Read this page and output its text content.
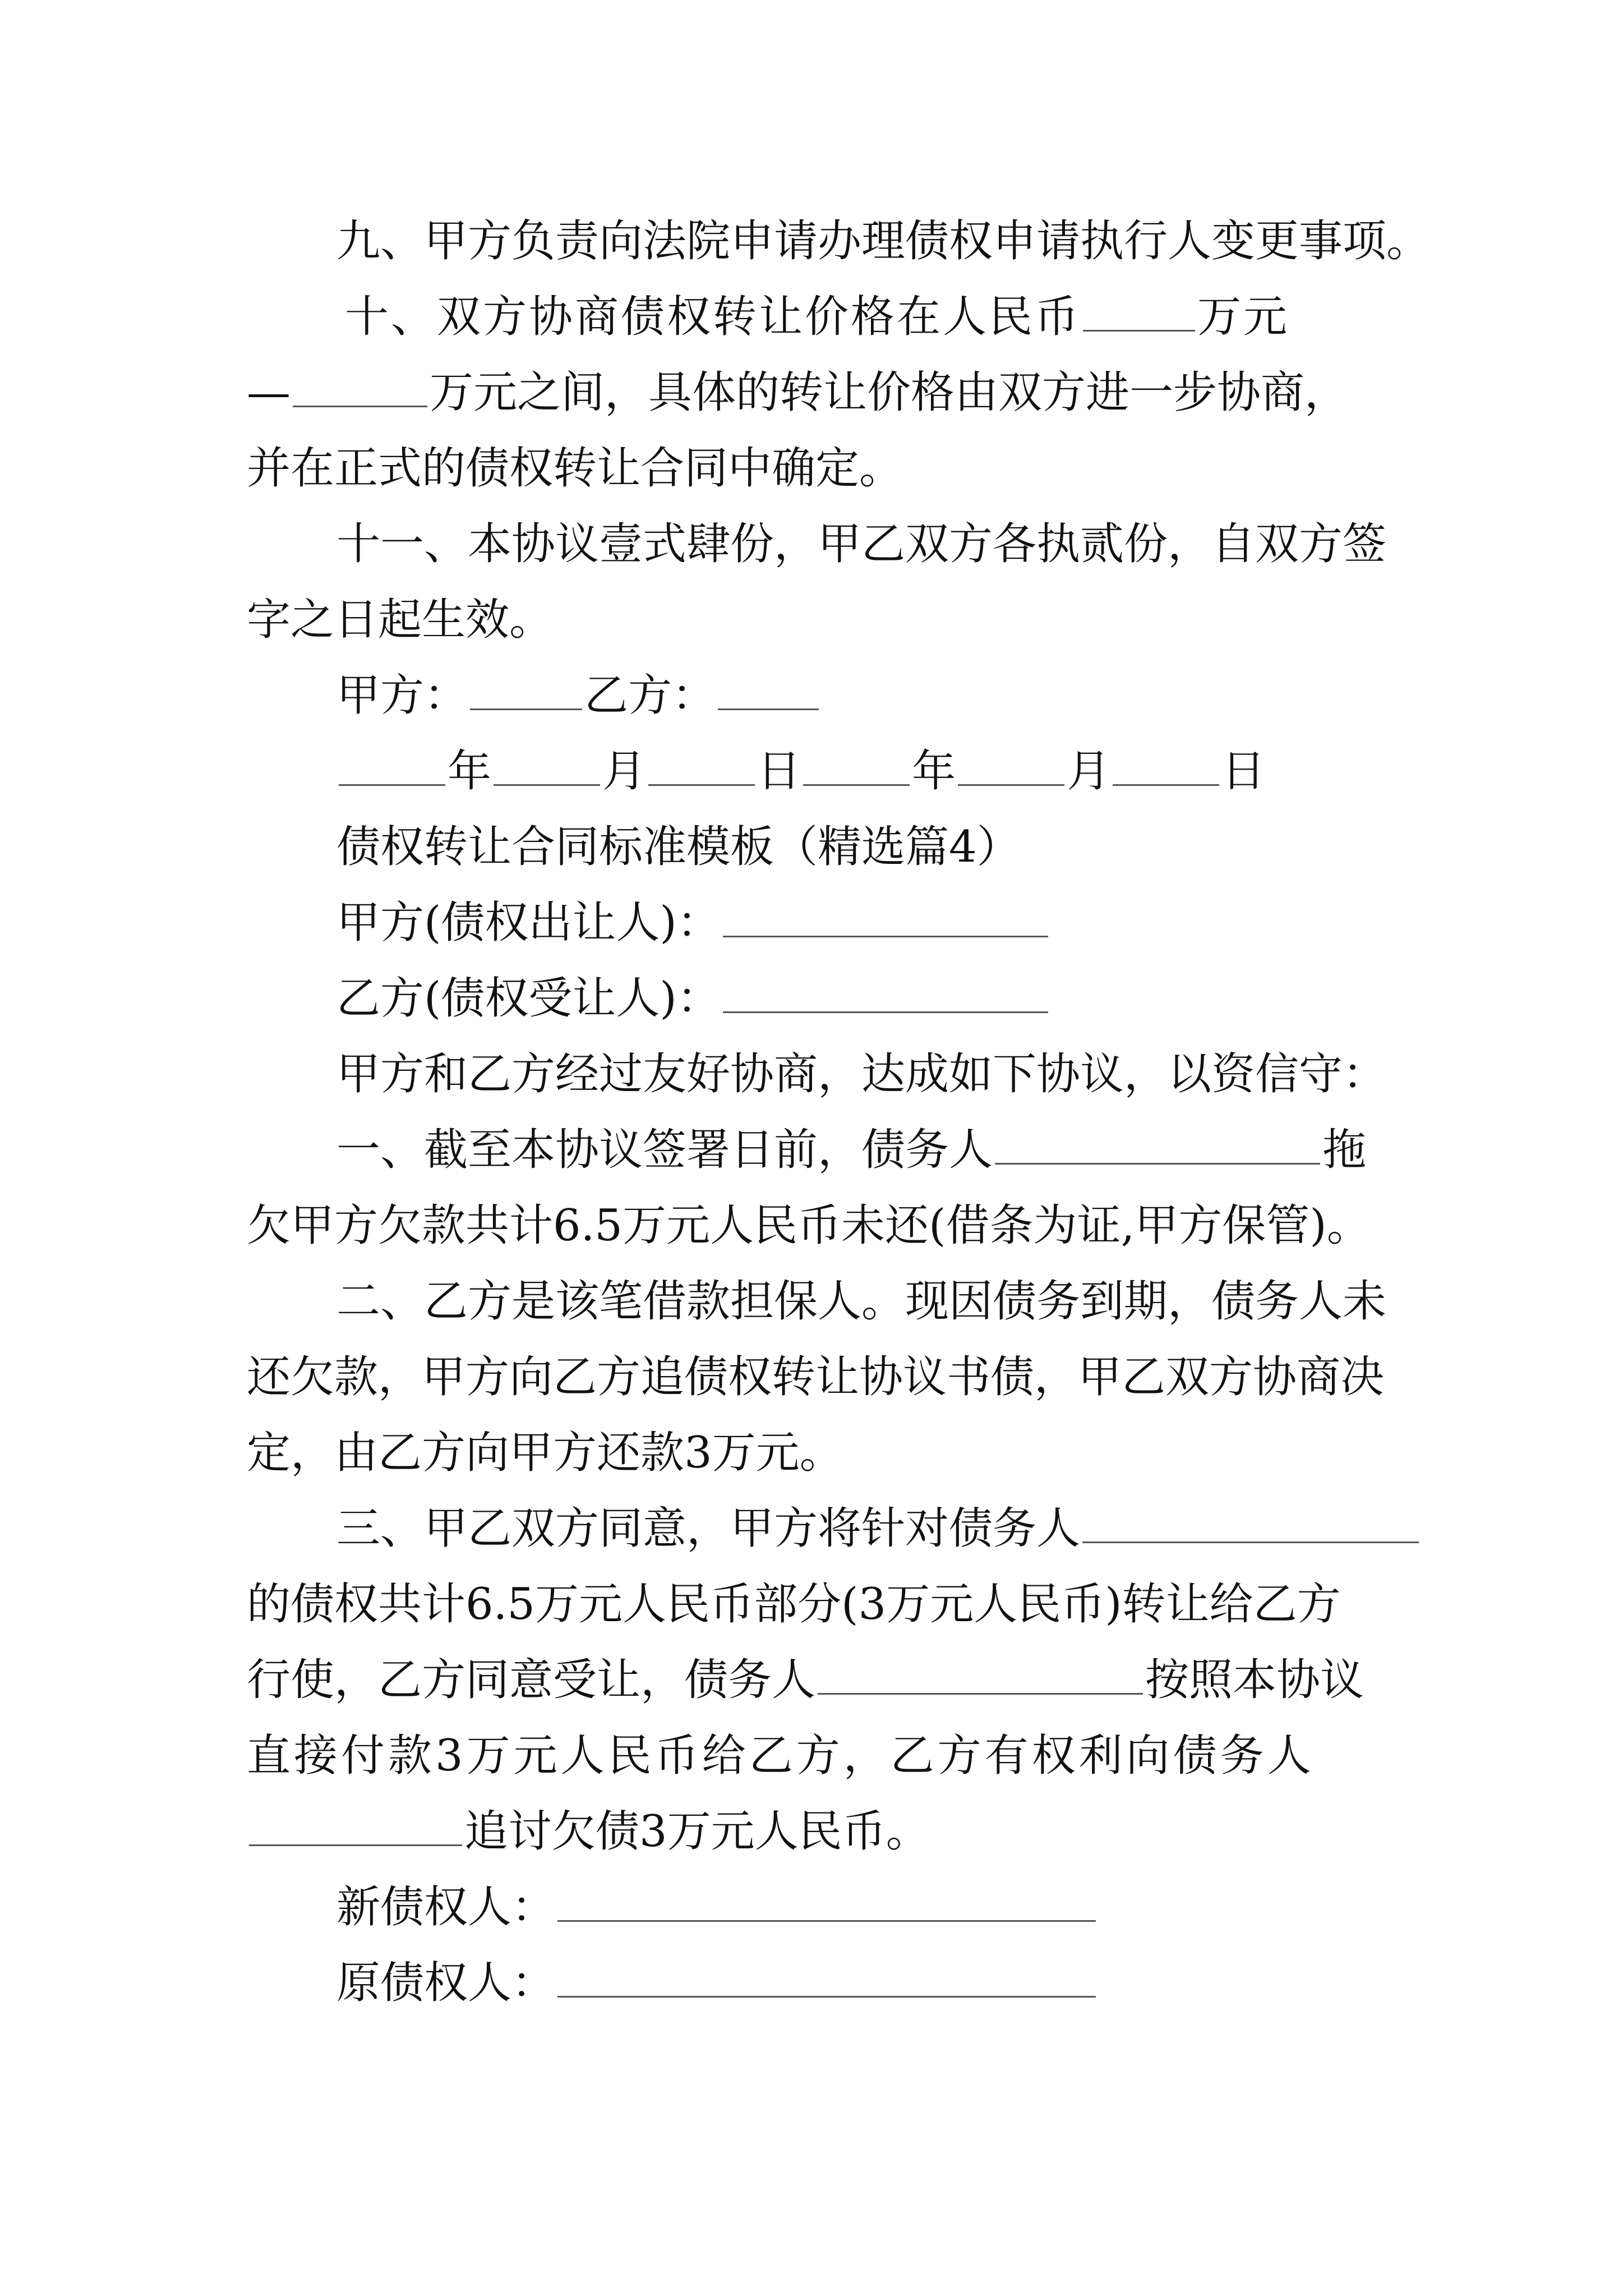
九、甲方负责向法院申请办理债权申请执行人变更事项。
十、双方协商债权转让价格在人民币	万元
—	万元之间，具体的转让价格由双方进一步协商，
并在正式的债权转让合同中确定。
十一、本协议壹式肆份，甲乙双方各执贰份，自双方签
字之日起生效。
甲方：	乙方：
年	月	日	年	月	日
债权转让合同标准模板（精选篇4）
甲方(债权出让人)：
乙方(债权受让人)：
甲方和乙方经过友好协商，达成如下协议，以资信守：
一、截至本协议签署日前，债务人	拖
欠甲方欠款共计6.5万元人民币未还(借条为证,甲方保管)。
二、乙方是该笔借款担保人。现因债务到期，债务人未
还欠款，甲方向乙方追债权转让协议书债，甲乙双方协商决
定，由乙方向甲方还款3万元。
三、甲乙双方同意，甲方将针对债务人
的债权共计6.5万元人民币部分(3万元人民币)转让给乙方
行使，乙方同意受让，债务人	按照本协议
直接付款3万元人民币给乙方，乙方有权利向债务人
追讨欠债3万元人民币。
新债权人：
原债权人：
